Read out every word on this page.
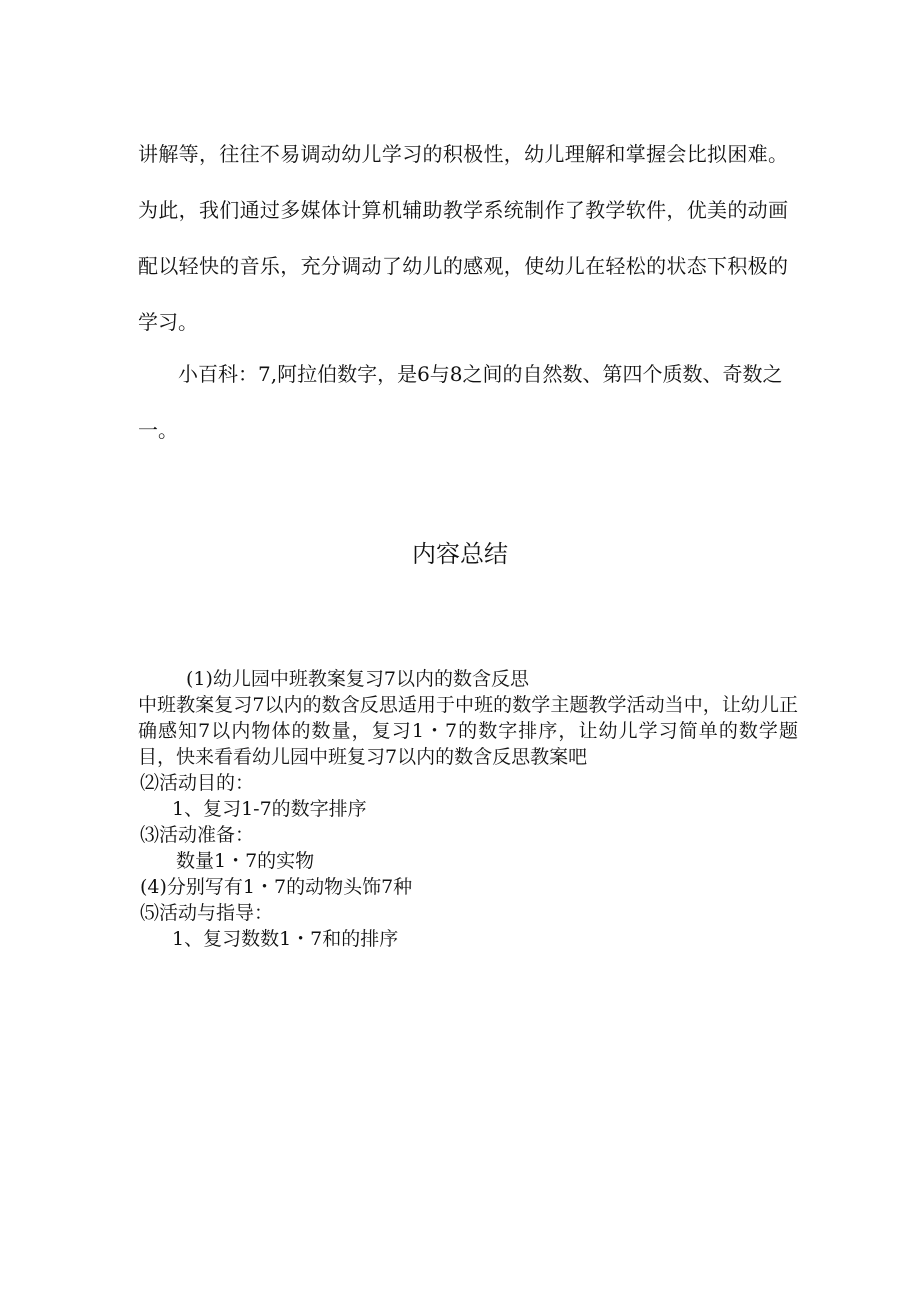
讲解等，往往不易调动幼儿学习的积极性，幼儿理解和掌握会比拟困难。为此，我们通过多媒体计算机辅助教学系统制作了教学软件，优美的动画配以轻快的音乐，充分调动了幼儿的感观，使幼儿在轻松的状态下积极的学习。

小百科：7,阿拉伯数字，是6与8之间的自然数、第四个质数、奇数之一。

内容总结
(1)幼儿园中班教案复习7以内的数含反思
中班教案复习7以内的数含反思适用于中班的数学主题教学活动当中，让幼儿正确感知7以内物体的数量，复习1・7的数字排序，让幼儿学习简单的数学题目，快来看看幼儿园中班复习7以内的数含反思教案吧
⑵活动目的：
1、复习1-7的数字排序
⑶活动准备：
数量1・7的实物
(4)分别写有1・7的动物头饰7种
⑸活动与指导：
1、复习数数1・7和的排序
